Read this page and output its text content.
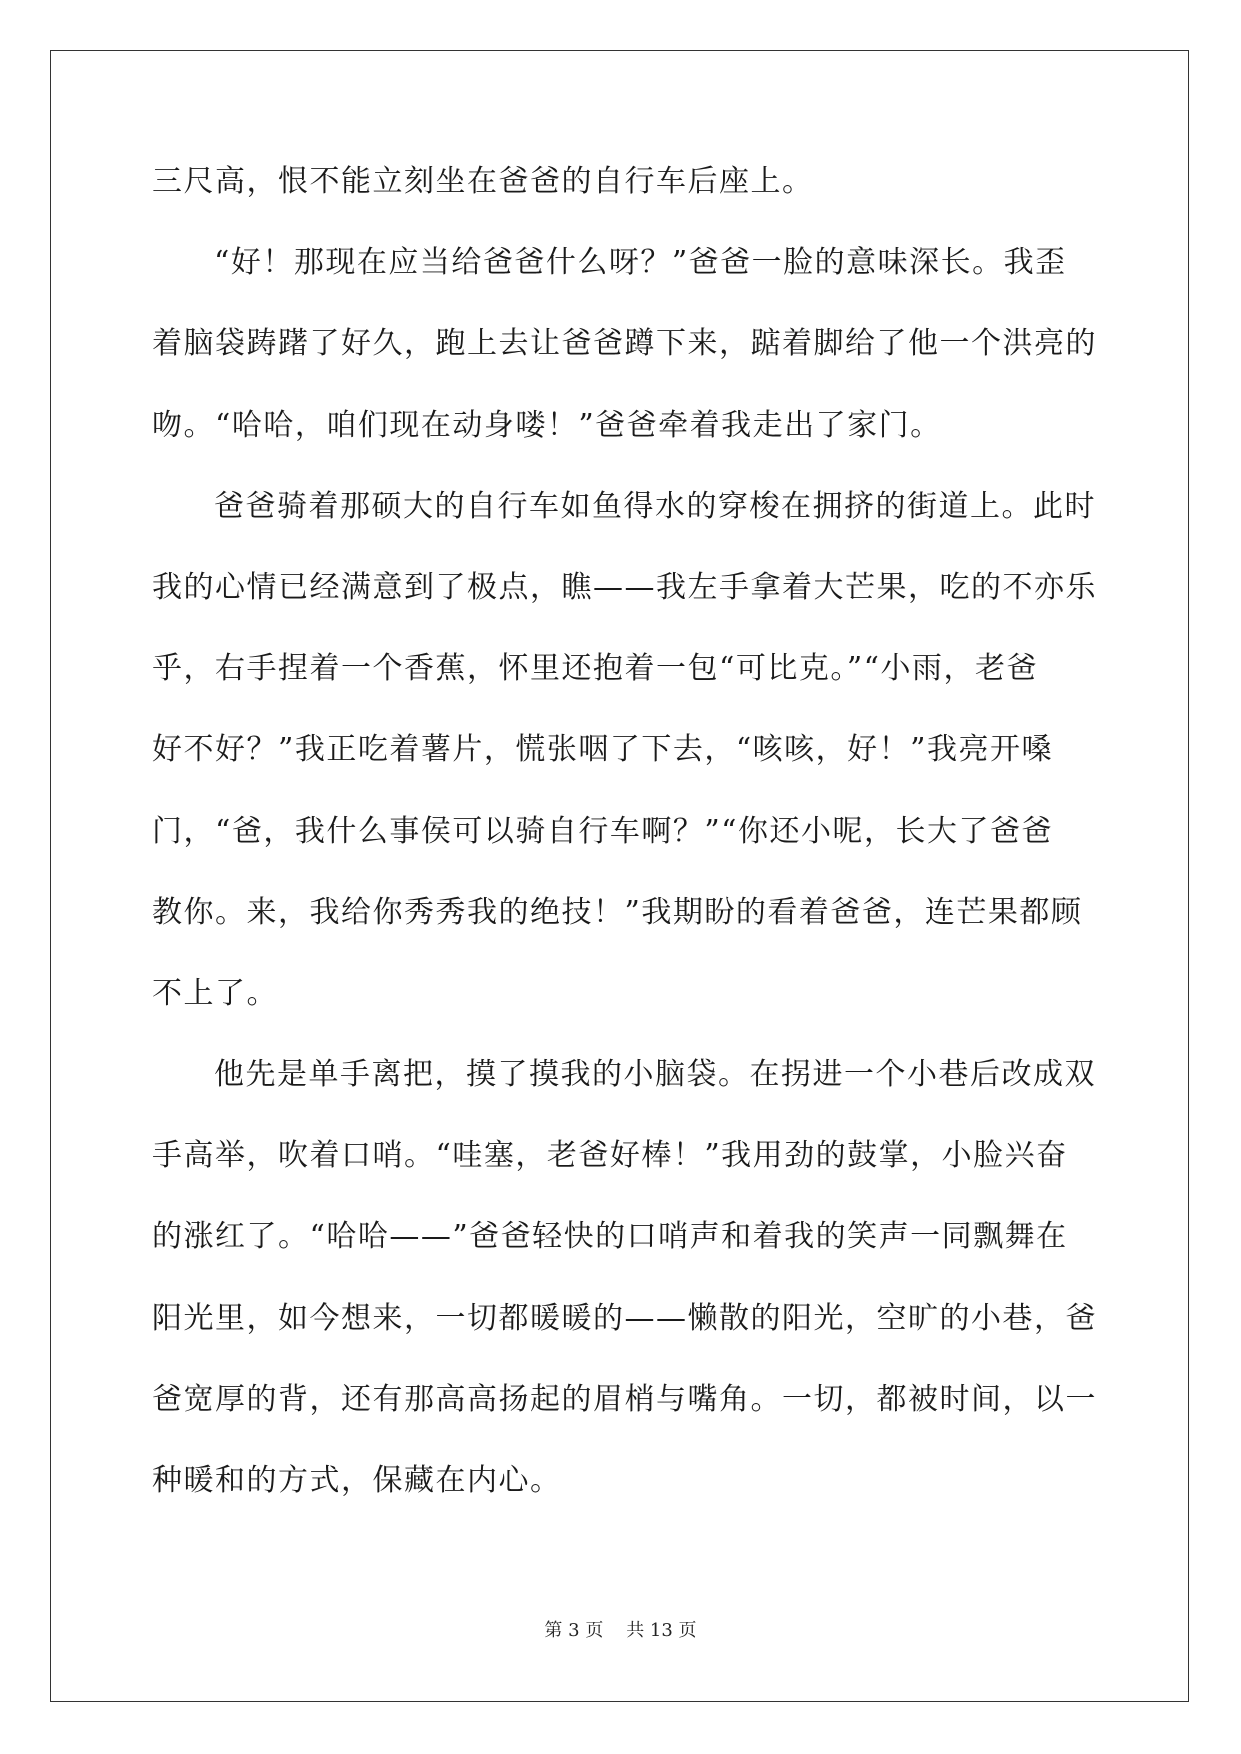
三尺高，恨不能立刻坐在爸爸的自行车后座上。
“好！那现在应当给爸爸什么呀？”爸爸一脸的意味深长。我歪
着脑袋踌躇了好久，跑上去让爸爸蹲下来，踮着脚给了他一个洪亮的
吻。“哈哈，咱们现在动身喽！”爸爸牵着我走出了家门。
爸爸骑着那硕大的自行车如鱼得水的穿梭在拥挤的街道上。此时
我的心情已经满意到了极点，瞧——我左手拿着大芒果，吃的不亦乐
乎，右手捏着一个香蕉，怀里还抱着一包“可比克。”“小雨，老爸
好不好？”我正吃着薯片，慌张咽了下去，“咳咳，好！”我亮开嗓
门，“爸，我什么事侯可以骑自行车啊？”“你还小呢，长大了爸爸
教你。来，我给你秀秀我的绝技！”我期盼的看着爸爸，连芒果都顾
不上了。
他先是单手离把，摸了摸我的小脑袋。在拐进一个小巷后改成双
手高举，吹着口哨。“哇塞，老爸好棒！”我用劲的鼓掌，小脸兴奋
的涨红了。“哈哈——”爸爸轻快的口哨声和着我的笑声一同飘舞在
阳光里，如今想来，一切都暖暖的——懒散的阳光，空旷的小巷，爸
爸宽厚的背，还有那高高扬起的眉梢与嘴角。一切，都被时间，以一
种暖和的方式，保藏在内心。
第 3 页    共 13 页
